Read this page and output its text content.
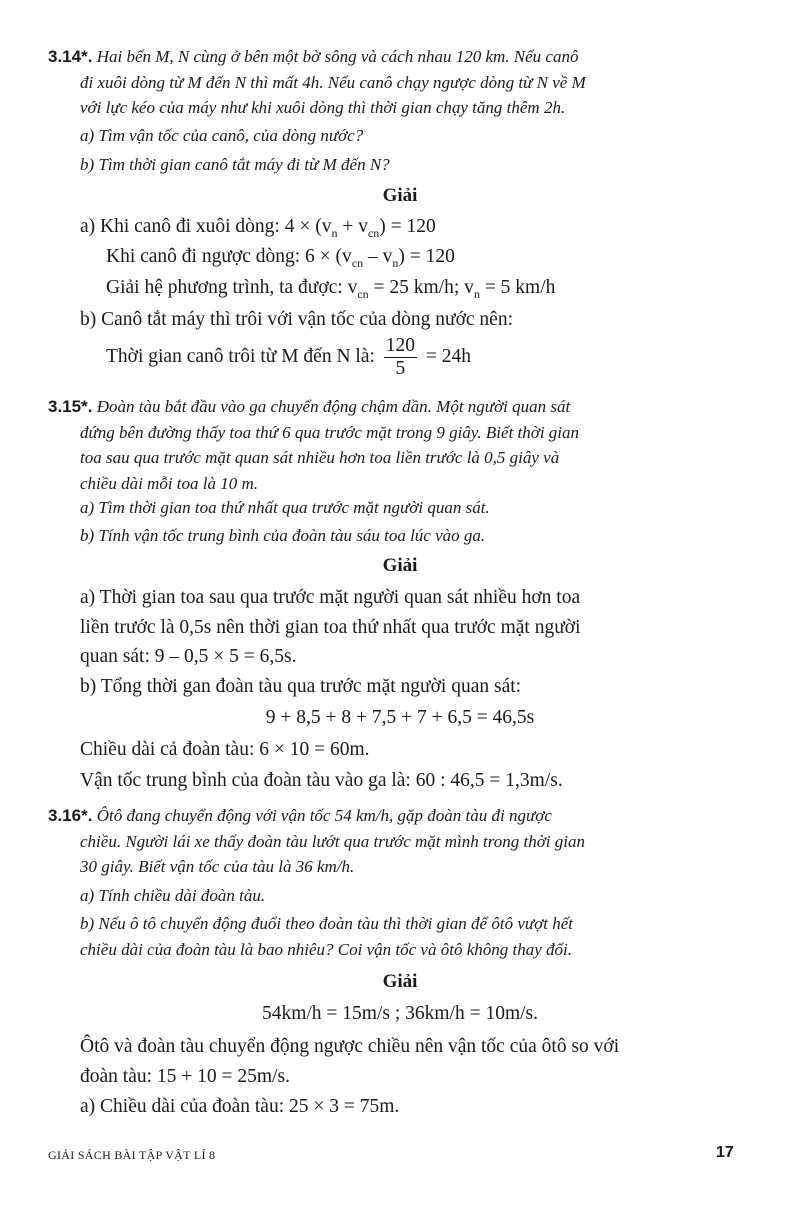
3.14*. Hai bến M, N cùng ở bên một bờ sông và cách nhau 120 km. Nếu canô
đi xuôi dòng từ M đến N thì mất 4h. Nếu canô chạy ngược dòng từ N về M
với lực kéo của máy như khi xuôi dòng thì thời gian chạy tăng thêm 2h.
a) Tìm vận tốc của canô, của dòng nước?
b) Tìm thời gian canô tắt máy đi từ M đến N?
Giải
a) Khi canô đi xuôi dòng: $4 \times (v_n + v_{cn}) = 120$
Khi canô đi ngược dòng: $6 \times (v_{cn} - v_n) = 120$
Giải hệ phương trình, ta được: $v_{cn} = 25$ km/h; $v_n = 5$ km/h
b) Canô tắt máy thì trôi với vận tốc của dòng nước nên:
Thời gian canô trôi từ M đến N là: $\frac{120}{5} = 24h$
3.15*. Đoàn tàu bắt đầu vào ga chuyển động chậm dần. Một người quan sát
đứng bên đường thấy toa thứ 6 qua trước mặt trong 9 giây. Biết thời gian
toa sau qua trước mặt quan sát nhiều hơn toa liền trước là 0,5 giây và
chiều dài mỗi toa là 10 m.
a) Tìm thời gian toa thứ nhất qua trước mặt người quan sát.
b) Tính vận tốc trung bình của đoàn tàu sáu toa lúc vào ga.
Giải
a) Thời gian toa sau qua trước mặt người quan sát nhiều hơn toa
liền trước là 0,5s nên thời gian toa thứ nhất qua trước mặt người
quan sát: 9 – 0,5 × 5 = 6,5s.
b) Tổng thời gan đoàn tàu qua trước mặt người quan sát:
9 + 8,5 + 8 + 7,5 + 7 + 6,5 = 46,5s
Chiều dài cả đoàn tàu: 6 × 10 = 60m.
Vận tốc trung bình của đoàn tàu vào ga là: 60 : 46,5 = 1,3m/s.
3.16*. Ôtô đang chuyển động với vận tốc 54 km/h, gặp đoàn tàu đi ngược
chiều. Người lái xe thấy đoàn tàu lướt qua trước mặt mình trong thời gian
30 giây. Biết vận tốc của tàu là 36 km/h.
a) Tính chiều dài đoàn tàu.
b) Nếu ô tô chuyển động đuổi theo đoàn tàu thì thời gian để ôtô vượt hết
chiều dài của đoàn tàu là bao nhiêu? Coi vận tốc và ôtô không thay đổi.
Giải
54km/h = 15m/s ; 36km/h = 10m/s.
Ôtô và đoàn tàu chuyển động ngược chiều nên vận tốc của ôtô so với
đoàn tàu: 15 + 10 = 25m/s.
a) Chiều dài của đoàn tàu: 25 × 3 = 75m.
GIẢI SÁCH BÀI TẬP VẬT LÍ 8	17
